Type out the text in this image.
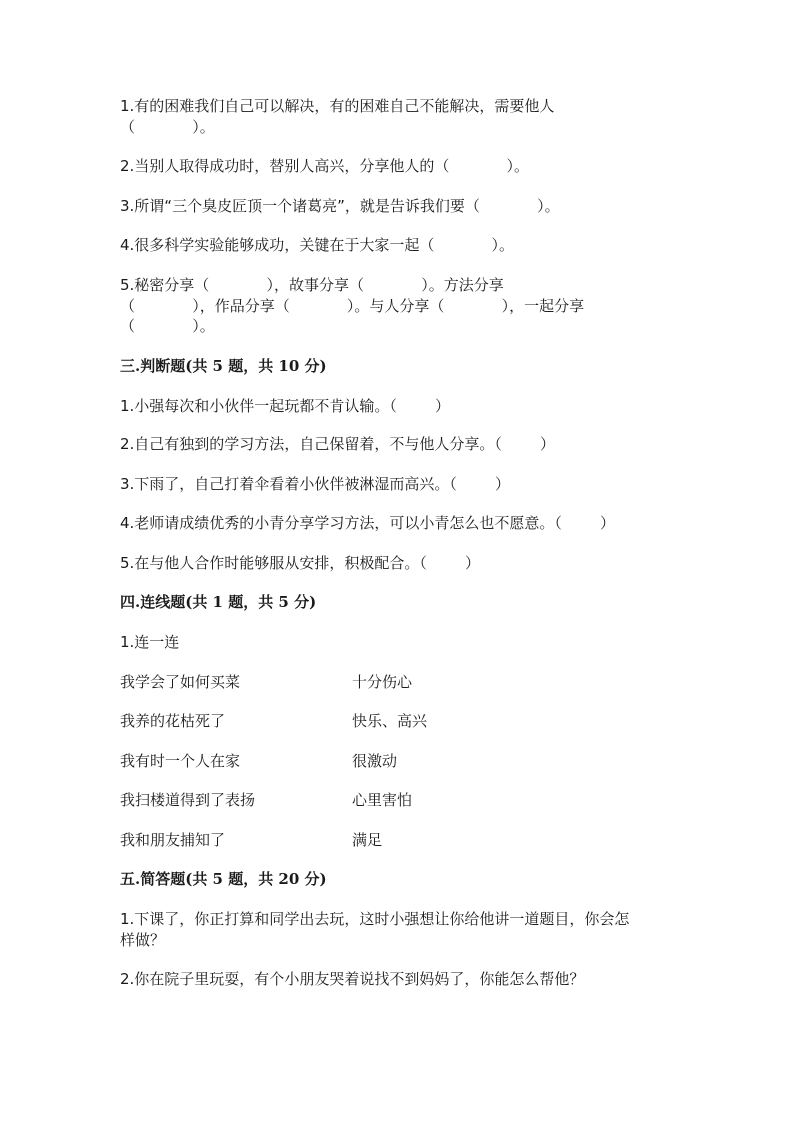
1.有的困难我们自己可以解决，有的困难自己不能解决，需要他人
（            ）。
2.当别人取得成功时，替别人高兴，分享他人的（            ）。
3.所谓“三个臭皮匠顶一个诸葛亮”，就是告诉我们要（            ）。
4.很多科学实验能够成功，关键在于大家一起（            ）。
5.秘密分享（            ），故事分享（            ）。方法分享
（            ），作品分享（            ）。与人分享（            ），一起分享
（            ）。
三.判断题(共 5 题，共 10 分)
1.小强每次和小伙伴一起玩都不肯认输。（        ）
2.自己有独到的学习方法，自己保留着，不与他人分享。（        ）
3.下雨了，自己打着伞看着小伙伴被淋湿而高兴。（        ）
4.老师请成绩优秀的小青分享学习方法，可以小青怎么也不愿意。（        ）
5.在与他人合作时能够服从安排，积极配合。（        ）
四.连线题(共 1 题，共 5 分)
1.连一连
我学会了如何买菜	十分伤心
我养的花枯死了	快乐、高兴
我有时一个人在家	很激动
我扫楼道得到了表扬	心里害怕
我和朋友捕知了	满足
五.简答题(共 5 题，共 20 分)
1.下课了，你正打算和同学出去玩，这时小强想让你给他讲一道题目，你会怎
样做？
2.你在院子里玩耍，有个小朋友哭着说找不到妈妈了，你能怎么帮他？
